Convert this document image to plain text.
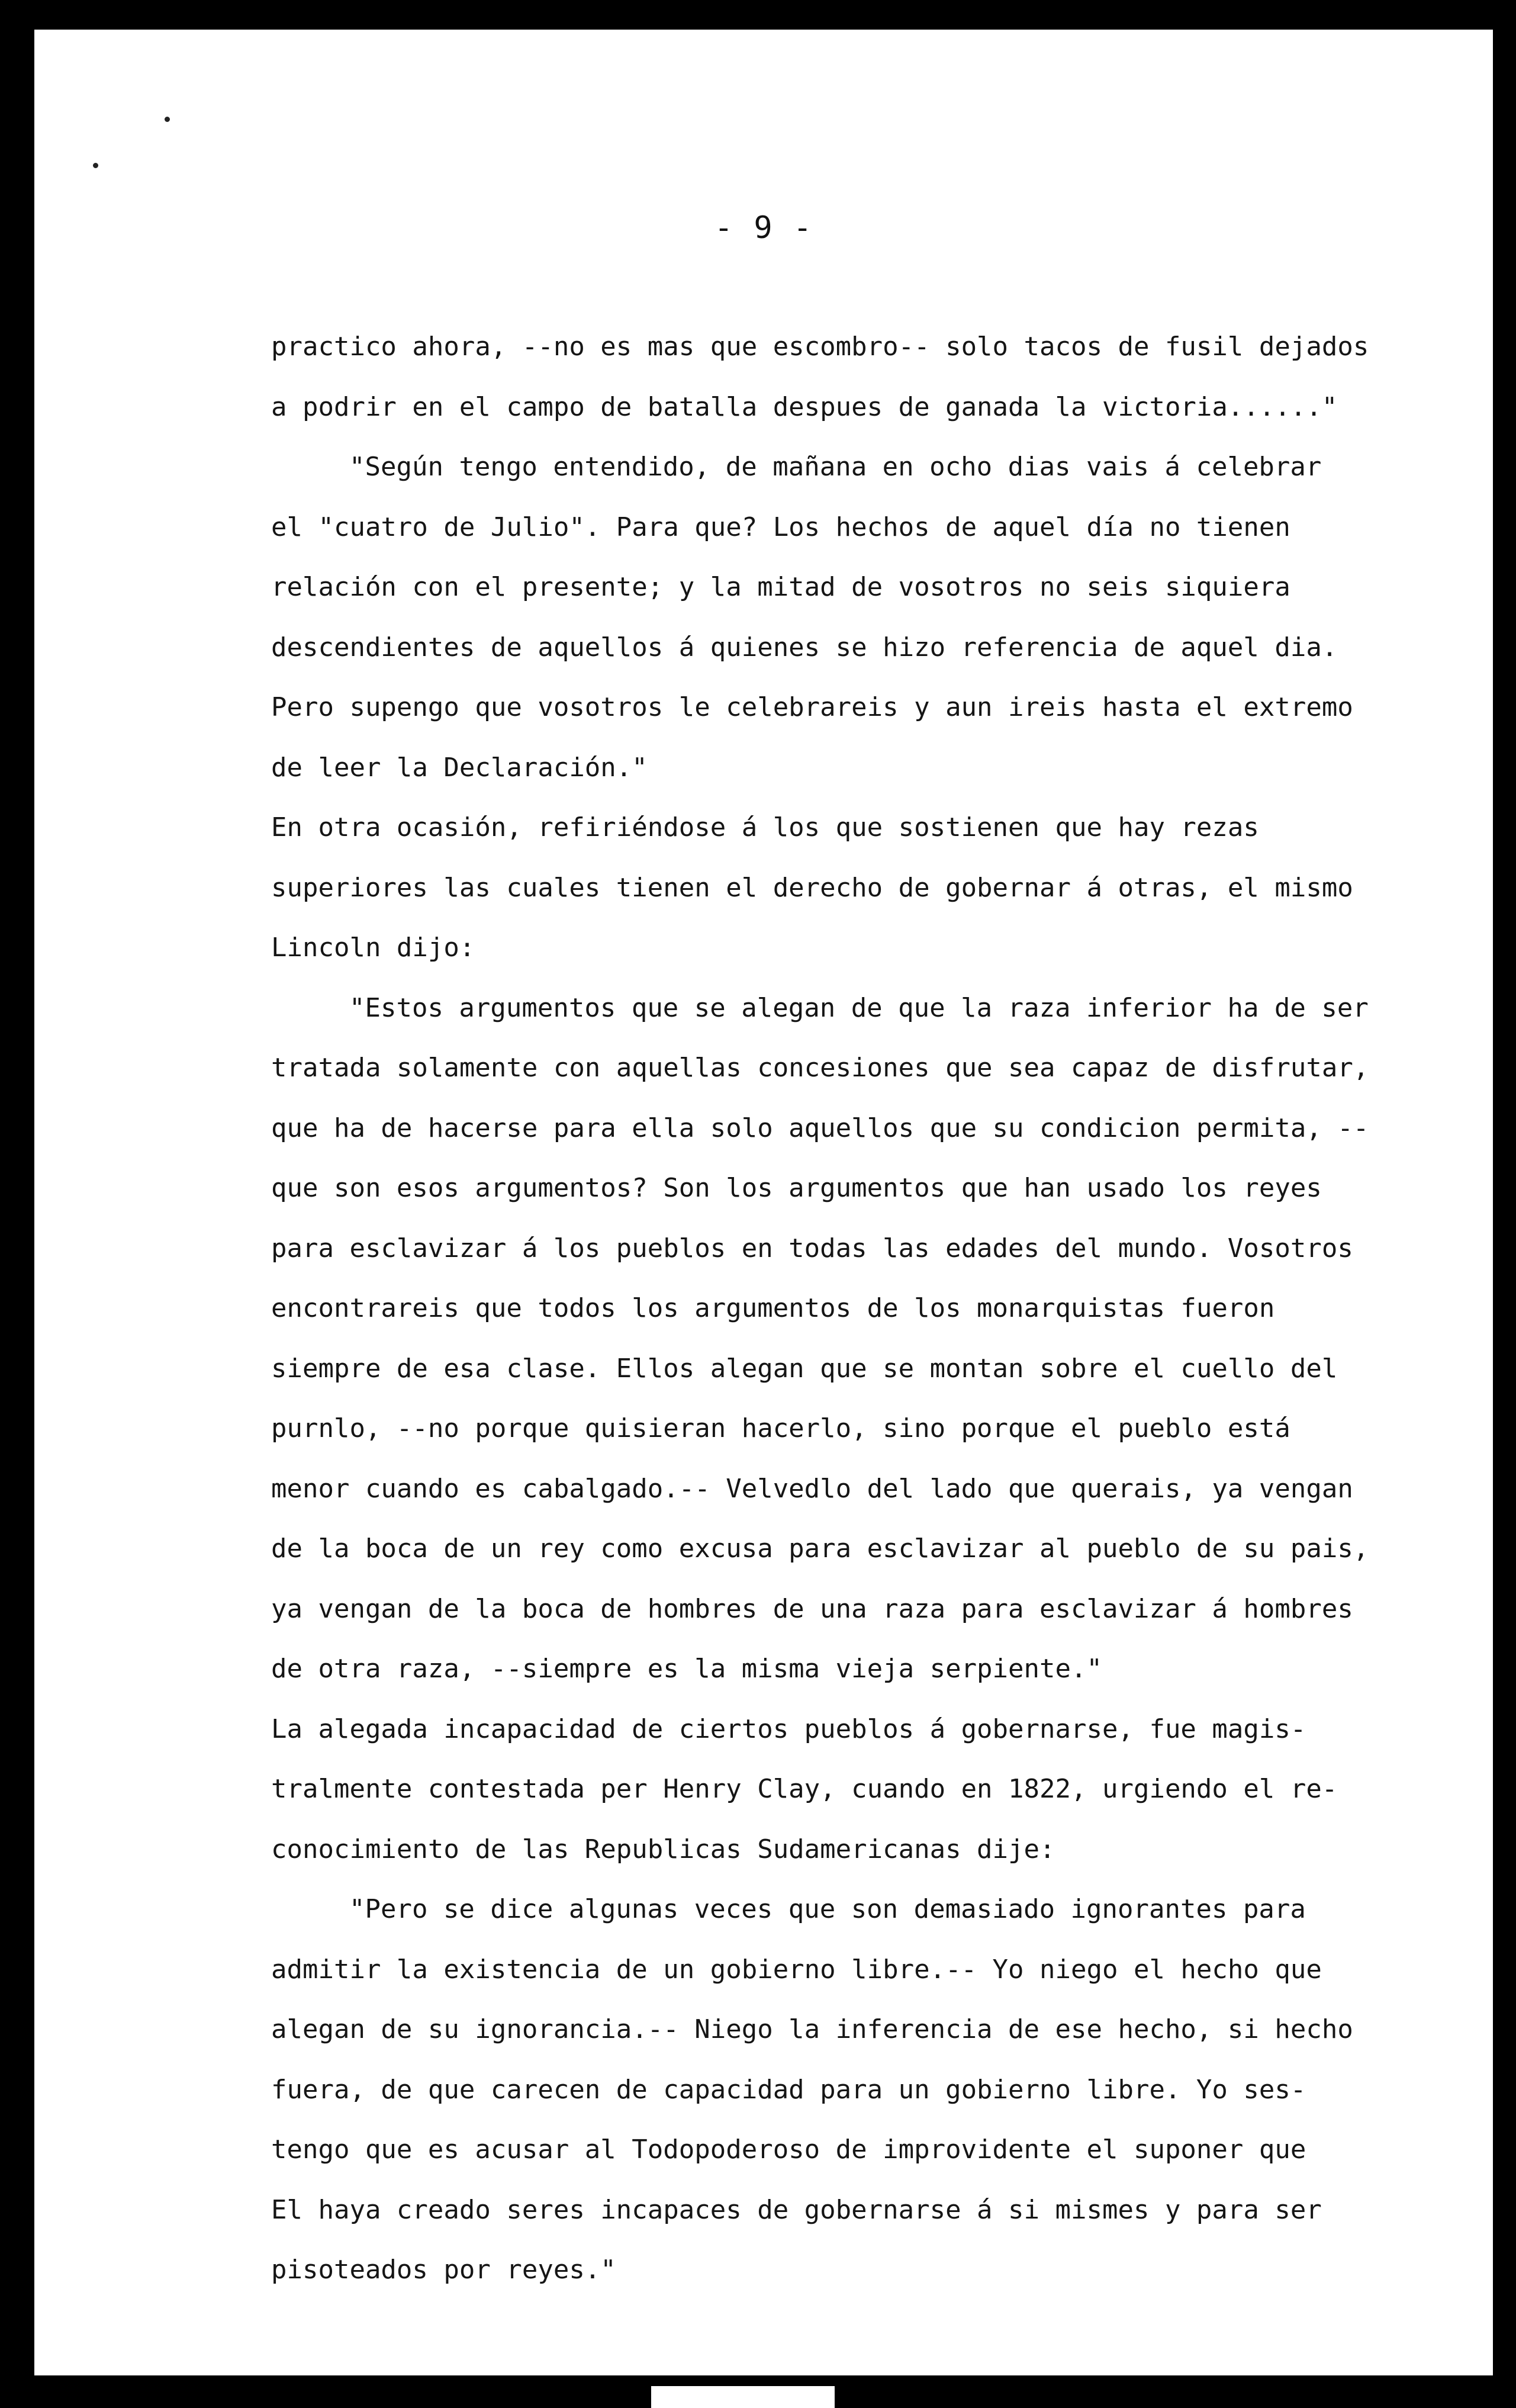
- 9 -
practico ahora, --no es mas que escombro-- solo tacos de fusil dejados
a podrir en el campo de batalla despues de ganada la victoria......"
"Según tengo entendido, de mañana en ocho dias vais á celebrar
el "cuatro de Julio". Para que? Los hechos de aquel día no tienen
relación con el presente; y la mitad de vosotros no seis siquiera
descendientes de aquellos á quienes se hizo referencia de aquel dia.
Pero supengo que vosotros le celebrareis y aun ireis hasta el extremo
de leer la Declaración."
En otra ocasión, refiriéndose á los que sostienen que hay rezas
superiores las cuales tienen el derecho de gobernar á otras, el mismo
Lincoln dijo:
"Estos argumentos que se alegan de que la raza inferior ha de ser
tratada solamente con aquellas concesiones que sea capaz de disfrutar,
que ha de hacerse para ella solo aquellos que su condicion permita, --
que son esos argumentos? Son los argumentos que han usado los reyes
para esclavizar á los pueblos en todas las edades del mundo. Vosotros
encontrareis que todos los argumentos de los monarquistas fueron
siempre de esa clase. Ellos alegan que se montan sobre el cuello del
purnlo, --no porque quisieran hacerlo, sino porque el pueblo está
menor cuando es cabalgado.-- Velvedlo del lado que querais, ya vengan
de la boca de un rey como excusa para esclavizar al pueblo de su pais,
ya vengan de la boca de hombres de una raza para esclavizar á hombres
de otra raza, --siempre es la misma vieja serpiente."
La alegada incapacidad de ciertos pueblos á gobernarse, fue magis-
tralmente contestada per Henry Clay, cuando en 1822, urgiendo el re-
conocimiento de las Republicas Sudamericanas dije:
"Pero se dice algunas veces que son demasiado ignorantes para
admitir la existencia de un gobierno libre.-- Yo niego el hecho que
alegan de su ignorancia.-- Niego la inferencia de ese hecho, si hecho
fuera, de que carecen de capacidad para un gobierno libre. Yo ses-
tengo que es acusar al Todopoderoso de improvidente el suponer que
El haya creado seres incapaces de gobernarse á si mismes y para ser
pisoteados por reyes."
